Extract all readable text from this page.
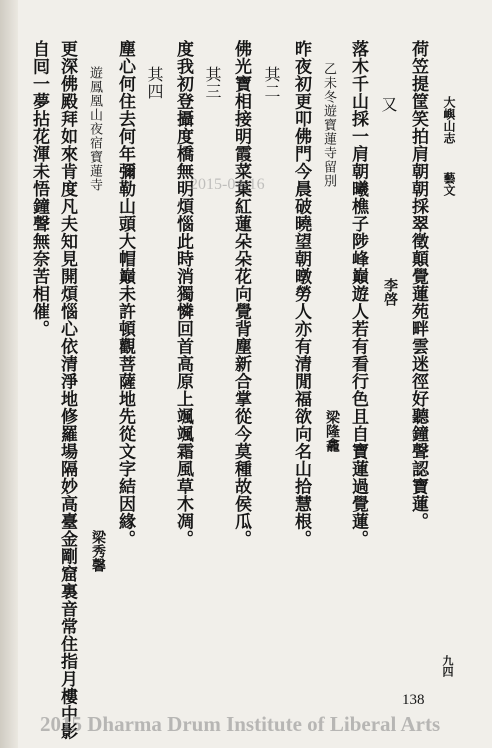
大嶼山志
藝文
荷笠提筐笑拍肩朝朝採翠徵顛覺蓮苑畔雲迷徑好聽鐘聲認寶蓮。
又
李啓
落木千山採一肩朝曦樵子陟峰巔遊人若有看行色且自寶蓮過覺蓮。
乙未冬遊寶蓮寺留別
梁隆龕
昨夜初更叩佛門今晨破曉望朝暾勞人亦有清閒福欲向名山拾慧根。
其二
佛光寶相接明霞菜葉紅蓮朵朵花向覺背塵新合掌從今莫種故侯瓜。
其三
度我初登攝度橋無明煩惱此時消獨憐回首高原上颯颯霜風草木凋。
其四
塵心何住去何年彌勒山頭大帽巔未許頓觀菩薩地先從文字結因緣。
遊鳳凰山夜宿寶蓮寺
梁秀馨
更深佛殿拜如來肯度凡夫知見開煩惱心依清淨地修羅場隔妙高臺金剛窟裏音常住指月樓中影
自囘一夢拈花渾未悟鐘聲無奈苦相催。
九四
138
2015-04-16
2015 Dharma Drum Institute of Liberal Arts
